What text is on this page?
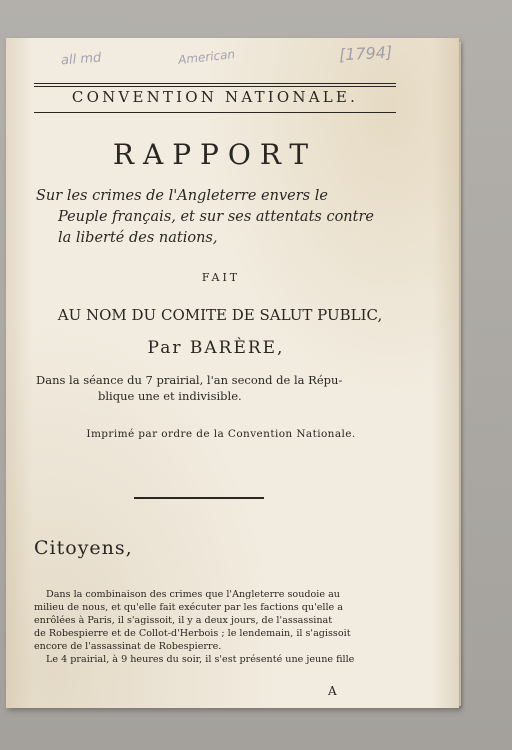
all md	American	[1794]
CONVENTION NATIONALE.
RAPPORT
Sur les crimes de l'Angleterre envers le
Peuple français, et sur ses attentats contre
la liberté des nations,
FAIT
AU NOM DU COMITE DE SALUT PUBLIC,
Par BARÈRE,
Dans la séance du 7 prairial, l'an second de la Répu-
blique une et indivisible.
Imprimé par ordre de la Convention Nationale.
Citoyens,
Dans la combinaison des crimes que l'Angleterre soudoie au
milieu de nous, et qu'elle fait exécuter par les factions qu'elle a
enrôlées à Paris, il s'agissoit, il y a deux jours, de l'assassinat
de Robespierre et de Collot-d'Herbois ; le lendemain, il s'agissoit
encore de l'assassinat de Robespierre.
Le 4 prairial, à 9 heures du soir, il s'est présenté une jeune fille
A
